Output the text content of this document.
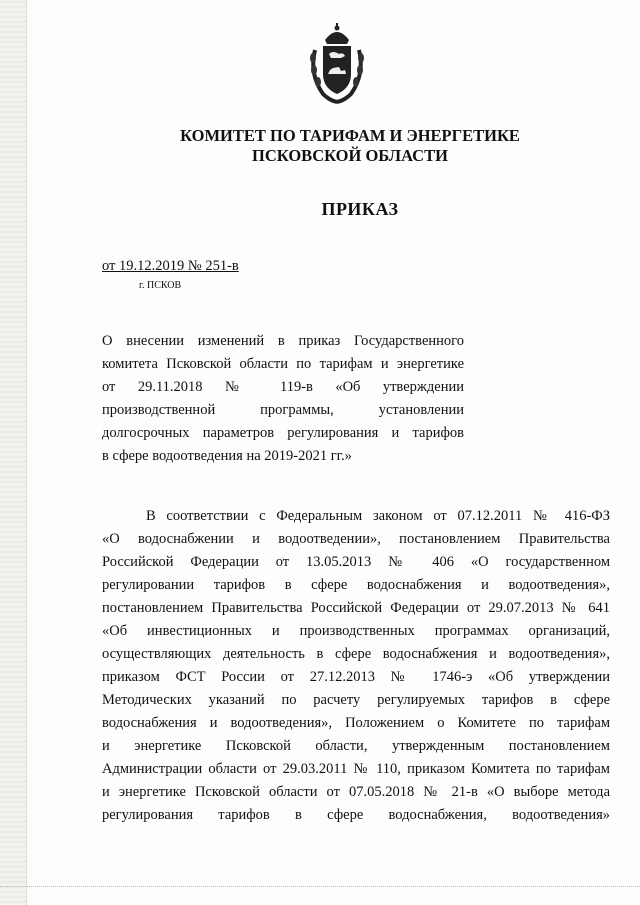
КОМИТЕТ ПО ТАРИФАМ И ЭНЕРГЕТИКЕ
ПСКОВСКОЙ ОБЛАСТИ
ПРИКАЗ
от 19.12.2019 № 251-в
г. ПСКОВ
О внесении изменений в приказ Государственного
комитета Псковской области по тарифам и энергетике
от 29.11.2018 № 119-в «Об утверждении
производственной программы, установлении
долгосрочных параметров регулирования и тарифов
в сфере водоотведения на 2019-2021 гг.»
В соответствии с Федеральным законом от 07.12.2011 № 416-ФЗ
«О водоснабжении и водоотведении», постановлением Правительства
Российской Федерации от 13.05.2013 № 406 «О государственном
регулировании тарифов в сфере водоснабжения и водоотведения»,
постановлением Правительства Российской Федерации от 29.07.2013 № 641
«Об инвестиционных и производственных программах организаций,
осуществляющих деятельность в сфере водоснабжения и водоотведения»,
приказом ФСТ России от 27.12.2013 № 1746-э «Об утверждении
Методических указаний по расчету регулируемых тарифов в сфере
водоснабжения и водоотведения», Положением о Комитете по тарифам
и энергетике Псковской области, утвержденным постановлением
Администрации области от 29.03.2011 № 110, приказом Комитета по тарифам
и энергетике Псковской области от 07.05.2018 № 21-в «О выборе метода
регулирования тарифов в сфере водоснабжения, водоотведения»
